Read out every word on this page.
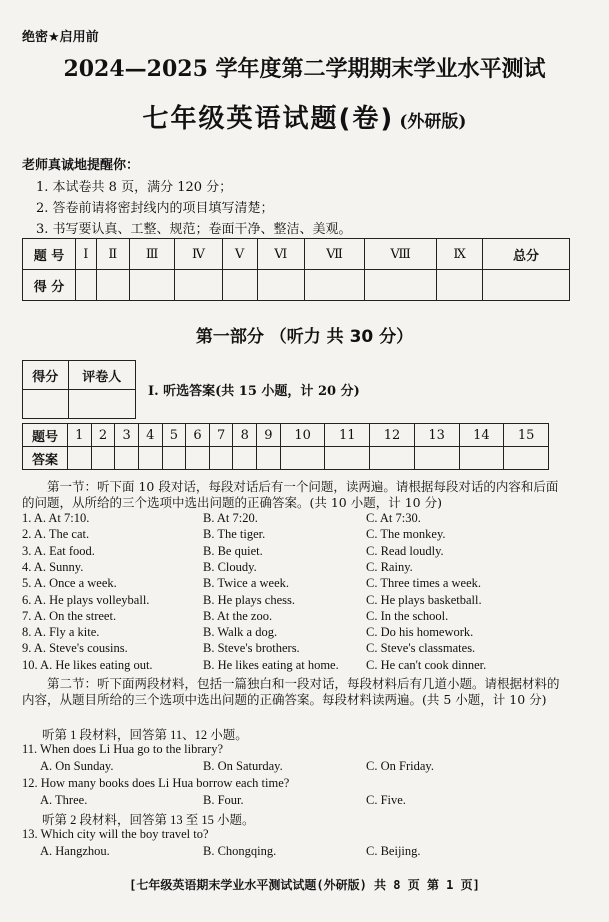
绝密★启用前
2024—2025 学年度第二学期期末学业水平测试
七年级英语试题(卷) (外研版)
老师真诚地提醒你：
1. 本试卷共 8 页，满分 120 分；
2. 答卷前请将密封线内的项目填写清楚；
3. 书写要认真、工整、规范；卷面干净、整洁、美观。
题 号	I	Ⅱ	Ⅲ	Ⅳ	Ⅴ	Ⅵ	Ⅶ	Ⅷ	Ⅸ	总分
得 分										
第一部分 （听力 共 30 分）
得分	评卷人

Ⅰ. 听选答案(共 15 小题，计 20 分)
题号	1	2	3	4	5	6	7	8	9	10	11	12	13	14	15
答案															
第一节：听下面 10 段对话，每段对话后有一个问题，读两遍。请根据每段对话的内容和后面的问题，从所给的三个选项中选出问题的正确答案。(共 10 小题，计 10 分)
1. A. At 7:10.	B. At 7:20.	C. At 7:30.
2. A. The cat.	B. The tiger.	C. The monkey.
3. A. Eat food.	B. Be quiet.	C. Read loudly.
4. A. Sunny.	B. Cloudy.	C. Rainy.
5. A. Once a week.	B. Twice a week.	C. Three times a week.
6. A. He plays volleyball.	B. He plays chess.	C. He plays basketball.
7. A. On the street.	B. At the zoo.	C. In the school.
8. A. Fly a kite.	B. Walk a dog.	C. Do his homework.
9. A. Steve's cousins.	B. Steve's brothers.	C. Steve's classmates.
10. A. He likes eating out.	B. He likes eating at home. C. He can't cook dinner.
第二节：听下面两段材料，包括一篇独白和一段对话，每段材料后有几道小题。请根据材料的内容，从题目所给的三个选项中选出问题的正确答案。每段材料读两遍。(共 5 小题，计 10 分)
听第 1 段材料，回答第 11、12 小题。
11. When does Li Hua go to the library?
A. On Sunday.	B. On Saturday.	C. On Friday.
12. How many books does Li Hua borrow each time?
A. Three.	B. Four.	C. Five.
听第 2 段材料，回答第 13 至 15 小题。
13. Which city will the boy travel to?
A. Hangzhou.	B. Chongqing.	C. Beijing.
[七年级英语期末学业水平测试试题(外研版) 共 8 页 第 1 页]
